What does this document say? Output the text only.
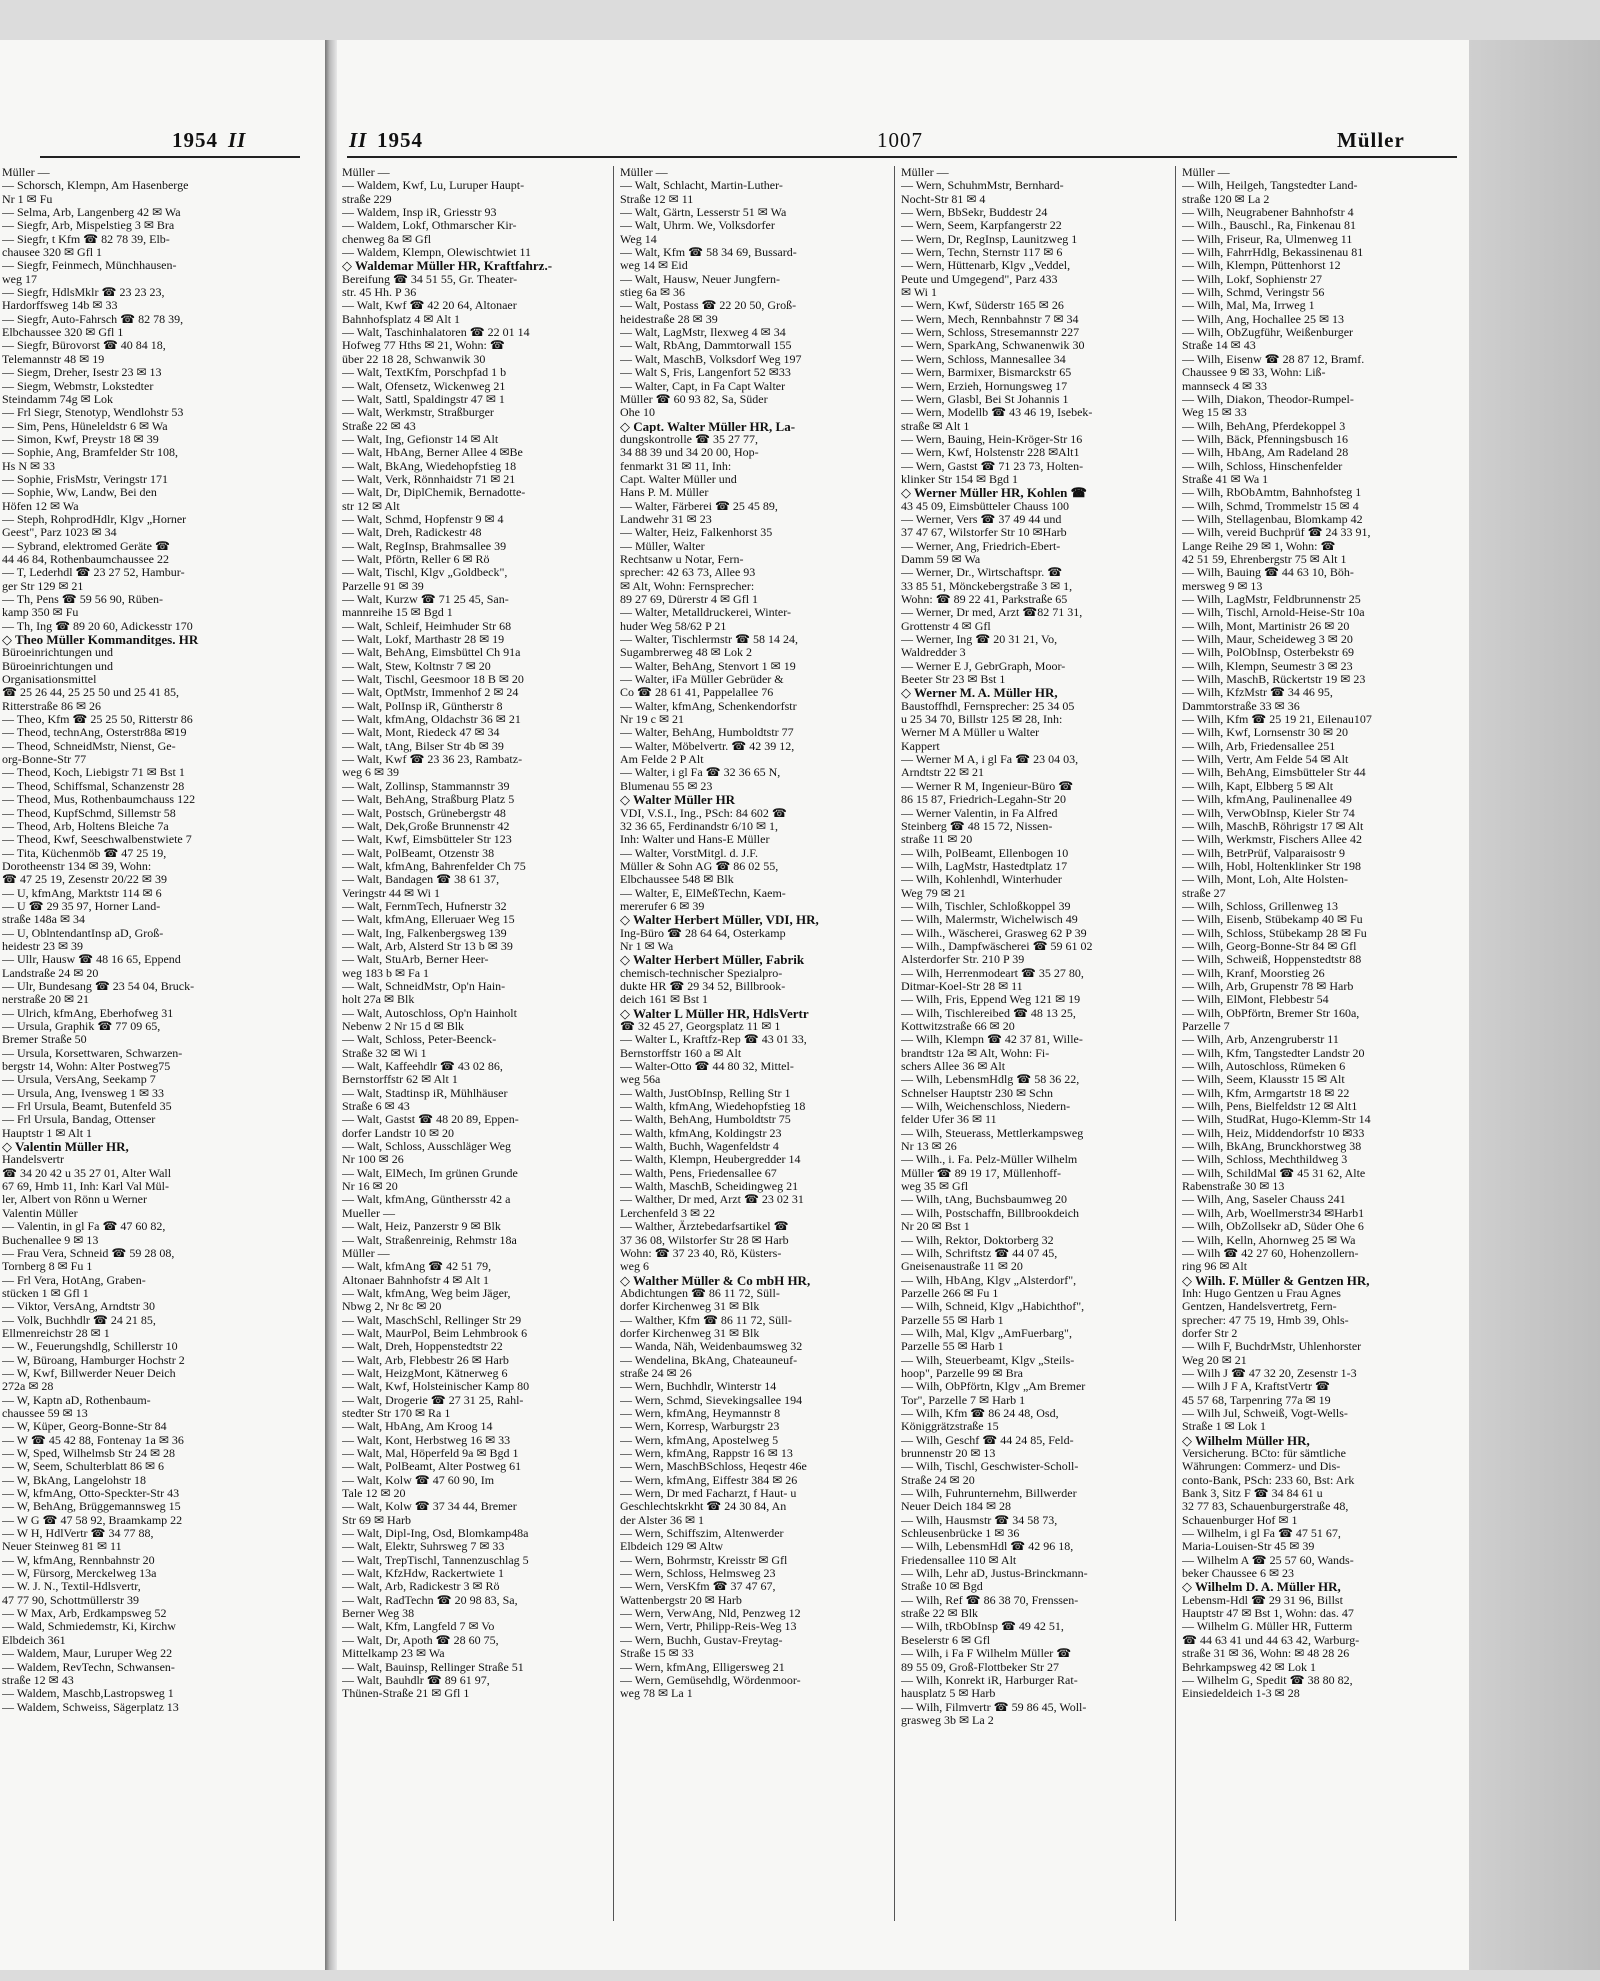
1954 II
Müller —
— Schorsch, Klempn, Am Hasenberge
Nr 1 ✉ Fu
— Selma, Arb, Langenberg 42 ✉ Wa
— Siegfr, Arb, Mispelstieg 3 ✉ Bra
— Siegfr, t Kfm ☎ 82 78 39, Elb-
chausee 320 ✉ Gfl 1
— Siegfr, Feinmech, Münchhausen-
weg 17
— Siegfr, HdlsMklr ☎ 23 23 23,
Hardorffsweg 14b ✉ 33
— Siegfr, Auto-Fahrsch ☎ 82 78 39,
Elbchaussee 320 ✉ Gfl 1
— Siegfr, Bürovorst ☎ 40 84 18,
Telemannstr 48 ✉ 19
— Siegm, Dreher, Isestr 23 ✉ 13
— Siegm, Webmstr, Lokstedter
Steindamm 74g ✉ Lok
— Frl Siegr, Stenotyp, Wendlohstr 53
— Sim, Pens, Hüneleldstr 6 ✉ Wa
— Simon, Kwf, Preystr 18 ✉ 39
— Sophie, Ang, Bramfelder Str 108,
Hs N ✉ 33
— Sophie, FrisMstr, Veringstr 171
— Sophie, Ww, Landw, Bei den
Höfen 12 ✉ Wa
— Steph, RohprodHdlr, Klgv „Horner
Geest", Parz 1023 ✉ 34
— Sybrand, elektromed Geräte ☎
44 46 84, Rothenbaumchaussee 22
— T, Lederhdl ☎ 23 27 52, Hambur-
ger Str 129 ✉ 21
— Th, Pens ☎ 59 56 90, Rüben-
kamp 350 ✉ Fu
— Th, Ing ☎ 89 20 60, Adickesstr 170
◇ Theo Müller Kommanditges. HR
Büroeinrichtungen und
Büroeinrichtungen und
Organisationsmittel
☎ 25 26 44, 25 25 50 und 25 41 85,
Ritterstraße 86 ✉ 26
— Theo, Kfm ☎ 25 25 50, Ritterstr 86
— Theod, technAng, Osterstr88a ✉19
— Theod, SchneidMstr, Nienst, Ge-
org-Bonne-Str 77
— Theod, Koch, Liebigstr 71 ✉ Bst 1
— Theod, Schiffsmal, Schanzenstr 28
— Theod, Mus, Rothenbaumchauss 122
— Theod, KupfSchmd, Sillemstr 58
— Theod, Arb, Holtens Bleiche 7a
— Theod, Kwf, Seeschwalbenstwiete 7
— Tita, Küchenmöb ☎ 47 25 19,
Dorotheenstr 134 ✉ 39, Wohn:
☎ 47 25 19, Zesenstr 20/22 ✉ 39
— U, kfmAng, Marktstr 114 ✉ 6
— U ☎ 29 35 97, Horner Land-
straße 148a ✉ 34
— U, OblntendantInsp aD, Groß-
heidestr 23 ✉ 39
— Ullr, Hausw ☎ 48 16 65, Eppend
Landstraße 24 ✉ 20
— Ulr, Bundesang ☎ 23 54 04, Bruck-
nerstraße 20 ✉ 21
— Ulrich, kfmAng, Eberhofweg 31
— Ursula, Graphik ☎ 77 09 65,
Bremer Straße 50
— Ursula, Korsettwaren, Schwarzen-
bergstr 14, Wohn: Alter Postweg75
— Ursula, VersAng, Seekamp 7
— Ursula, Ang, Ivensweg 1 ✉ 33
— Frl Ursula, Beamt, Butenfeld 35
— Frl Ursula, Bandag, Ottenser
Hauptstr 1 ✉ Alt 1
◇ Valentin Müller HR,
Handelsvertr
☎ 34 20 42 u 35 27 01, Alter Wall
67 69, Hmb 11, Inh: Karl Val Mül-
ler, Albert von Rönn u Werner
Valentin Müller
— Valentin, in gl Fa ☎ 47 60 82,
Buchenallee 9 ✉ 13
— Frau Vera, Schneid ☎ 59 28 08,
Tornberg 8 ✉ Fu 1
— Frl Vera, HotAng, Graben-
stücken 1 ✉ Gfl 1
— Viktor, VersAng, Arndtstr 30
— Volk, Buchhdlr ☎ 24 21 85,
Ellmenreichstr 28 ✉ 1
— W., Feuerungshdlg, Schillerstr 10
— W, Büroang, Hamburger Hochstr 2
— W, Kwf, Billwerder Neuer Deich
272a ✉ 28
— W, Kaptn aD, Rothenbaum-
chaussee 59 ✉ 13
— W, Küper, Georg-Bonne-Str 84
— W ☎ 45 42 88, Fontenay 1a ✉ 36
— W, Sped, Wilhelmsb Str 24 ✉ 28
— W, Seem, Schulterblatt 86 ✉ 6
— W, BkAng, Langelohstr 18
— W, kfmAng, Otto-Speckter-Str 43
— W, BehAng, Brüggemannsweg 15
— W G ☎ 47 58 92, Braamkamp 22
— W H, HdlVertr ☎ 34 77 88,
Neuer Steinweg 81 ✉ 11
— W, kfmAng, Rennbahnstr 20
— W, Fürsorg, Merckelweg 13a
— W. J. N., Textil-Hdlsvertr,
47 77 90, Schottmüllerstr 39
— W Max, Arb, Erdkampsweg 52
— Wald, Schmiedemstr, Ki, Kirchw
Elbdeich 361
— Waldem, Maur, Luruper Weg 22
— Waldem, RevTechn, Schwansen-
straße 12 ✉ 43
— Waldem, Maschb,Lastropsweg 1
— Waldem, Schweiss, Sägerplatz 13
II 1954	1007	Müller
Müller —
— Waldem, Kwf, Lu, Luruper Haupt-
straße 229
— Waldem, Insp iR, Griesstr 93
— Waldem, Lokf, Othmarscher Kir-
chenweg 8a ✉ Gfl
— Waldem, Klempn, Olewischtwiet 11
◇ Waldemar Müller HR, Kraftfahrz.-
Bereifung ☎ 34 51 55, Gr. Theater-
str. 45 Hh. P 36
— Walt, Kwf ☎ 42 20 64, Altonaer
Bahnhofsplatz 4 ✉ Alt 1
— Walt, Taschinhalatoren ☎ 22 01 14
Hofweg 77 Hths ✉ 21, Wohn: ☎
über 22 18 28, Schwanwik 30
— Walt, TextKfm, Porschpfad 1 b
— Walt, Ofensetz, Wickenweg 21
— Walt, Sattl, Spaldingstr 47 ✉ 1
— Walt, Werkmstr, Straßburger
Straße 22 ✉ 43
— Walt, Ing, Gefionstr 14 ✉ Alt
— Walt, HbAng, Berner Allee 4 ✉Be
— Walt, BkAng, Wiedehopfstieg 18
— Walt, Verk, Rönnhaidstr 71 ✉ 21
— Walt, Dr, DiplChemik, Bernadotte-
str 12 ✉ Alt
— Walt, Schmd, Hopfenstr 9 ✉ 4
— Walt, Dreh, Radickestr 48
— Walt, RegInsp, Brahmsallee 39
— Walt, Pförtn, Reller 6 ✉ Rö
— Walt, Tischl, Klgv „Goldbeck",
Parzelle 91 ✉ 39
— Walt, Kurzw ☎ 71 25 45, San-
mannreihe 15 ✉ Bgd 1
— Walt, Schleif, Heimhuder Str 68
— Walt, Lokf, Marthastr 28 ✉ 19
— Walt, BehAng, Eimsbüttel Ch 91a
— Walt, Stew, Koltnstr 7 ✉ 20
— Walt, Tischl, Geesmoor 18 B ✉ 20
— Walt, OptMstr, Immenhof 2 ✉ 24
— Walt, PolInsp iR, Güntherstr 8
— Walt, kfmAng, Oldachstr 36 ✉ 21
— Walt, Mont, Riedeck 47 ✉ 34
— Walt, tAng, Bilser Str 4b ✉ 39
— Walt, Kwf ☎ 23 36 23, Rambatz-
weg 6 ✉ 39
— Walt, Zollinsp, Stammannstr 39
— Walt, BehAng, Straßburg Platz 5
— Walt, Postsch, Grünebergstr 48
— Walt, Dek,Große Brunnenstr 42
— Walt, Kwf, Eimsbütteler Str 123
— Walt, PolBeamt, Otzenstr 38
— Walt, kfmAng, Bahrenfelder Ch 75
— Walt, Bandagen ☎ 38 61 37,
Veringstr 44 ✉ Wi 1
— Walt, FernmTech, Hufnerstr 32
— Walt, kfmAng, Elleruaer Weg 15
— Walt, Ing, Falkenbergsweg 139
— Walt, Arb, Alsterd Str 13 b ✉ 39
— Walt, StuArb, Berner Heer-
weg 183 b ✉ Fa 1
— Walt, SchneidMstr, Op'n Hain-
holt 27a ✉ Blk
— Walt, Autoschloss, Op'n Hainholt
Nebenw 2 Nr 15 d ✉ Blk
— Walt, Schloss, Peter-Beenck-
Straße 32 ✉ Wi 1
— Walt, Kaffeehdlr ☎ 43 02 86,
Bernstorffstr 62 ✉ Alt 1
— Walt, Stadtinsp iR, Mühlhäuser
Straße 6 ✉ 43
— Walt, Gastst ☎ 48 20 89, Eppen-
dorfer Landstr 10 ✉ 20
— Walt, Schloss, Ausschläger Weg
Nr 100 ✉ 26
— Walt, ElMech, Im grünen Grunde
Nr 16 ✉ 20
— Walt, kfmAng, Günthersstr 42 a
Mueller —
— Walt, Heiz, Panzerstr 9 ✉ Blk
— Walt, Straßenreinig, Rehmstr 18a
Müller —
— Walt, kfmAng ☎ 42 51 79,
Altonaer Bahnhofstr 4 ✉ Alt 1
— Walt, kfmAng, Weg beim Jäger,
Nbwg 2, Nr 8c ✉ 20
— Walt, MaschSchl, Rellinger Str 29
— Walt, MaurPol, Beim Lehmbrook 6
— Walt, Dreh, Hoppenstedtstr 22
— Walt, Arb, Flebbestr 26 ✉ Harb
— Walt, HeizgMont, Kätnerweg 6
— Walt, Kwf, Holsteinischer Kamp 80
— Walt, Drogerie ☎ 27 31 25, Rahl-
stedter Str 170 ✉ Ra 1
— Walt, HbAng, Am Kroog 14
— Walt, Kont, Herbstweg 16 ✉ 33
— Walt, Mal, Höperfeld 9a ✉ Bgd 1
— Walt, PolBeamt, Alter Postweg 61
— Walt, Kolw ☎ 47 60 90, Im
Tale 12 ✉ 20
— Walt, Kolw ☎ 37 34 44, Bremer
Str 69 ✉ Harb
— Walt, Dipl-Ing, Osd, Blomkamp48a
— Walt, Elektr, Suhrsweg 7 ✉ 33
— Walt, TrepTischl, Tannenzuschlag 5
— Walt, KfzHdw, Rackertwiete 1
— Walt, Arb, Radickestr 3 ✉ Rö
— Walt, RadTechn ☎ 20 98 83, Sa,
Berner Weg 38
— Walt, Kfm, Langfeld 7 ✉ Vo
— Walt, Dr, Apoth ☎ 28 60 75,
Mittelkamp 23 ✉ Wa
— Walt, Bauinsp, Rellinger Straße 51
— Walt, Bauhdlr ☎ 89 61 97,
Thünen-Straße 21 ✉ Gfl 1
Müller —
— Walt, Schlacht, Martin-Luther-
Straße 12 ✉ 11
— Walt, Gärtn, Lesserstr 51 ✉ Wa
— Walt, Uhrm. We, Volksdorfer
Weg 14
— Walt, Kfm ☎ 58 34 69, Bussard-
weg 14 ✉ Eid
— Walt, Hausw, Neuer Jungfern-
stieg 6a ✉ 36
— Walt, Postass ☎ 22 20 50, Groß-
heidestraße 28 ✉ 39
— Walt, LagMstr, Ilexweg 4 ✉ 34
— Walt, RbAng, Dammtorwall 155
— Walt, MaschB, Volksdorf Weg 197
— Walt S, Fris, Langenfort 52 ✉33
— Walter, Capt, in Fa Capt Walter
Müller ☎ 60 93 82, Sa, Süder
Ohe 10
◇ Capt. Walter Müller HR, La-
dungskontrolle ☎ 35 27 77,
34 88 39 und 34 20 00, Hop-
fenmarkt 31 ✉ 11, Inh:
Capt. Walter Müller und
Hans P. M. Müller
— Walter, Färberei ☎ 25 45 89,
Landwehr 31 ✉ 23
— Walter, Heiz, Falkenhorst 35
— Müller, Walter
Rechtsanw u Notar, Fern-
sprecher: 42 63 73, Allee 93
✉ Alt, Wohn: Fernsprecher:
89 27 69, Dürerstr 4 ✉ Gfl 1
— Walter, Metalldruckerei, Winter-
huder Weg 58/62 P 21
— Walter, Tischlermstr ☎ 58 14 24,
Sugambrerweg 48 ✉ Lok 2
— Walter, BehAng, Stenvort 1 ✉ 19
— Walter, iFa Müller Gebrüder &
Co ☎ 28 61 41, Pappelallee 76
— Walter, kfmAng, Schenkendorfstr
Nr 19 c ✉ 21
— Walter, BehAng, Humboldtstr 77
— Walter, Möbelvertr. ☎ 42 39 12,
Am Felde 2 P Alt
— Walter, i gl Fa ☎ 32 36 65 N,
Blumenau 55 ✉ 23
◇ Walter Müller HR
VDI, V.S.I., Ing., PSch: 84 602 ☎
32 36 65, Ferdinandstr 6/10 ✉ 1,
Inh: Walter und Hans-E Müller
— Walter, VorstMitgl. d. J.F.
Müller & Sohn AG ☎ 86 02 55,
Elbchaussee 548 ✉ Blk
— Walter, E, ElMeßTechn, Kaem-
mererufer 6 ✉ 39
◇ Walter Herbert Müller, VDI, HR,
Ing-Büro ☎ 28 64 64, Osterkamp
Nr 1 ✉ Wa
◇ Walter Herbert Müller, Fabrik
chemisch-technischer Spezialpro-
dukte HR ☎ 29 34 52, Billbrook-
deich 161 ✉ Bst 1
◇ Walter L Müller HR, HdlsVertr
☎ 32 45 27, Georgsplatz 11 ✉ 1
— Walter L, Kraftfz-Rep ☎ 43 01 33,
Bernstorffstr 160 a ✉ Alt
— Walter-Otto ☎ 44 80 32, Mittel-
weg 56a
— Walth, JustObInsp, Relling Str 1
— Walth, kfmAng, Wiedehopfstieg 18
— Walth, BehAng, Humboldtstr 75
— Walth, kfmAng, Koldingstr 23
— Walth, Buchh, Wagenfeldstr 4
— Walth, Klempn, Heubergredder 14
— Walth, Pens, Friedensallee 67
— Walth, MaschB, Scheidingweg 21
— Walther, Dr med, Arzt ☎ 23 02 31
Lerchenfeld 3 ✉ 22
— Walther, Ärztebedarfsartikel ☎
37 36 08, Wilstorfer Str 28 ✉ Harb
Wohn: ☎ 37 23 40, Rö, Küsters-
weg 6
◇ Walther Müller & Co mbH HR,
Abdichtungen ☎ 86 11 72, Süll-
dorfer Kirchenweg 31 ✉ Blk
— Walther, Kfm ☎ 86 11 72, Süll-
dorfer Kirchenweg 31 ✉ Blk
— Wanda, Näh, Weidenbaumsweg 32
— Wendelina, BkAng, Chateauneuf-
straße 24 ✉ 26
— Wern, Buchhdlr, Winterstr 14
— Wern, Schmd, Sievekingsallee 194
— Wern, kfmAng, Heymannstr 8
— Wern, Korresp, Warburgstr 23
— Wern, kfmAng, Apostelweg 5
— Wern, kfmAng, Rappstr 16 ✉ 13
— Wern, MaschBSchloss, Heqestr 46e
— Wern, kfmAng, Eiffestr 384 ✉ 26
— Wern, Dr med Facharzt, f Haut- u
Geschlechtskrkht ☎ 24 30 84, An
der Alster 36 ✉ 1
— Wern, Schiffszim, Altenwerder
Elbdeich 129 ✉ Altw
— Wern, Bohrmstr, Kreisstr ✉ Gfl
— Wern, Schloss, Helmsweg 23
— Wern, VersKfm ☎ 37 47 67,
Wattenbergstr 20 ✉ Harb
— Wern, VerwAng, Nld, Penzweg 12
— Wern, Vertr, Philipp-Reis-Weg 13
— Wern, Buchh, Gustav-Freytag-
Straße 15 ✉ 33
— Wern, kfmAng, Elligersweg 21
— Wern, Gemüsehdlg, Wördenmoor-
weg 78 ✉ La 1
Müller —
— Wern, SchuhmMstr, Bernhard-
Nocht-Str 81 ✉ 4
— Wern, BbSekr, Buddestr 24
— Wern, Seem, Karpfangerstr 22
— Wern, Dr, RegInsp, Launitzweg 1
— Wern, Techn, Sternstr 117 ✉ 6
— Wern, Hüttenarb, Klgv „Veddel,
Peute und Umgegend", Parz 433
✉ Wi 1
— Wern, Kwf, Süderstr 165 ✉ 26
— Wern, Mech, Rennbahnstr 7 ✉ 34
— Wern, Schloss, Stresemannstr 227
— Wern, SparkAng, Schwanenwik 30
— Wern, Schloss, Mannesallee 34
— Wern, Barmixer, Bismarckstr 65
— Wern, Erzieh, Hornungsweg 17
— Wern, Glasbl, Bei St Johannis 1
— Wern, Modellb ☎ 43 46 19, Isebek-
straße ✉ Alt 1
— Wern, Bauing, Hein-Kröger-Str 16
— Wern, Kwf, Holstenstr 228 ✉Alt1
— Wern, Gastst ☎ 71 23 73, Holten-
klinker Str 154 ✉ Bgd 1
◇ Werner Müller HR, Kohlen ☎
43 45 09, Eimsbütteler Chauss 100
— Werner, Vers ☎ 37 49 44 und
37 47 67, Wilstorfer Str 10 ✉Harb
— Werner, Ang, Friedrich-Ebert-
Damm 59 ✉ Wa
— Werner, Dr., Wirtschaftspr. ☎
33 85 51, Mönckebergstraße 3 ✉ 1,
Wohn: ☎ 89 22 41, Parkstraße 65
— Werner, Dr med, Arzt ☎82 71 31,
Grottenstr 4 ✉ Gfl
— Werner, Ing ☎ 20 31 21, Vo,
Waldredder 3
— Werner E J, GebrGraph, Moor-
Beeter Str 23 ✉ Bst 1
◇ Werner M. A. Müller HR,
Baustoffhdl, Fernsprecher: 25 34 05
u 25 34 70, Billstr 125 ✉ 28, Inh:
Werner M A Müller u Walter
Kappert
— Werner M A, i gl Fa ☎ 23 04 03,
Arndtstr 22 ✉ 21
— Werner R M, Ingenieur-Büro ☎
86 15 87, Friedrich-Legahn-Str 20
— Werner Valentin, in Fa Alfred
Steinberg ☎ 48 15 72, Nissen-
straße 11 ✉ 20
— Wilh, PolBeamt, Ellenbogen 10
— Wilh, LagMstr, Hastedtplatz 17
— Wilh, Kohlenhdl, Winterhuder
Weg 79 ✉ 21
— Wilh, Tischler, Schloßkoppel 39
— Wilh, Malermstr, Wichelwisch 49
— Wilh., Wäscherei, Grasweg 62 P 39
— Wilh., Dampfwäscherei ☎ 59 61 02
Alsterdorfer Str. 210 P 39
— Wilh, Herrenmodeart ☎ 35 27 80,
Ditmar-Koel-Str 28 ✉ 11
— Wilh, Fris, Eppend Weg 121 ✉ 19
— Wilh, Tischlereibed ☎ 48 13 25,
Kottwitzstraße 66 ✉ 20
— Wilh, Klempn ☎ 42 37 81, Wille-
brandtstr 12a ✉ Alt, Wohn: Fi-
schers Allee 36 ✉ Alt
— Wilh, LebensmHdlg ☎ 58 36 22,
Schnelser Hauptstr 230 ✉ Schn
— Wilh, Weichenschloss, Niedern-
felder Ufer 36 ✉ 11
— Wilh, Steuerass, Mettlerkampsweg
Nr 13 ✉ 26
— Wilh., i. Fa. Pelz-Müller Wilhelm
Müller ☎ 89 19 17, Müllenhoff-
weg 35 ✉ Gfl
— Wilh, tAng, Buchsbaumweg 20
— Wilh, Postschaffn, Billbrookdeich
Nr 20 ✉ Bst 1
— Wilh, Rektor, Doktorberg 32
— Wilh, Schriftstz ☎ 44 07 45,
Gneisenaustraße 11 ✉ 20
— Wilh, HbAng, Klgv „Alsterdorf",
Parzelle 266 ✉ Fu 1
— Wilh, Schneid, Klgv „Habichthof",
Parzelle 55 ✉ Harb 1
— Wilh, Mal, Klgv „AmFuerbarg",
Parzelle 55 ✉ Harb 1
— Wilh, Steuerbeamt, Klgv „Steils-
hoop", Parzelle 99 ✉ Bra
— Wilh, ObPförtn, Klgv „Am Bremer
Tor", Parzelle 7 ✉ Harb 1
— Wilh, Kfm ☎ 86 24 48, Osd,
Königgrätzstraße 15
— Wilh, Geschf ☎ 44 24 85, Feld-
brunnenstr 20 ✉ 13
— Wilh, Tischl, Geschwister-Scholl-
Straße 24 ✉ 20
— Wilh, Fuhrunternehm, Billwerder
Neuer Deich 184 ✉ 28
— Wilh, Hausmstr ☎ 34 58 73,
Schleusenbrücke 1 ✉ 36
— Wilh, LebensmHdl ☎ 42 96 18,
Friedensallee 110 ✉ Alt
— Wilh, Lehr aD, Justus-Brinckmann-
Straße 10 ✉ Bgd
— Wilh, Ref ☎ 86 38 70, Frenssen-
straße 22 ✉ Blk
— Wilh, tRbObInsp ☎ 49 42 51,
Beselerstr 6 ✉ Gfl
— Wilh, i Fa F Wilhelm Müller ☎
89 55 09, Groß-Flottbeker Str 27
— Wilh, Konrekt iR, Harburger Rat-
hausplatz 5 ✉ Harb
— Wilh, Filmvertr ☎ 59 86 45, Woll-
grasweg 3b ✉ La 2
Müller —
— Wilh, Heilgeh, Tangstedter Land-
straße 120 ✉ La 2
— Wilh, Neugrabener Bahnhofstr 4
— Wilh., Bauschl., Ra, Finkenau 81
— Wilh, Friseur, Ra, Ulmenweg 11
— Wilh, FahrrHdlg, Bekassinenau 81
— Wilh, Klempn, Püttenhorst 12
— Wilh, Lokf, Sophienstr 27
— Wilh, Schmd, Veringstr 56
— Wilh, Mal, Ma, Irrweg 1
— Wilh, Ang, Hochallee 25 ✉ 13
— Wilh, ObZugführ, Weißenburger
Straße 14 ✉ 43
— Wilh, Eisenw ☎ 28 87 12, Bramf.
Chaussee 9 ✉ 33, Wohn: Liß-
mannseck 4 ✉ 33
— Wilh, Diakon, Theodor-Rumpel-
Weg 15 ✉ 33
— Wilh, BehAng, Pferdekoppel 3
— Wilh, Bäck, Pfenningsbusch 16
— Wilh, HbAng, Am Radeland 28
— Wilh, Schloss, Hinschenfelder
Straße 41 ✉ Wa 1
— Wilh, RbObAmtm, Bahnhofsteg 1
— Wilh, Schmd, Trommelstr 15 ✉ 4
— Wilh, Stellagenbau, Blomkamp 42
— Wilh, vereid Buchprüf ☎ 24 33 91,
Lange Reihe 29 ✉ 1, Wohn: ☎
42 51 59, Ehrenbergstr 75 ✉ Alt 1
— Wilh, Bauing ☎ 44 63 10, Böh-
mersweg 9 ✉ 13
— Wilh, LagMstr, Feldbrunnenstr 25
— Wilh, Tischl, Arnold-Heise-Str 10a
— Wilh, Mont, Martinistr 26 ✉ 20
— Wilh, Maur, Scheideweg 3 ✉ 20
— Wilh, PolObInsp, Osterbekstr 69
— Wilh, Klempn, Seumestr 3 ✉ 23
— Wilh, MaschB, Rückertstr 19 ✉ 23
— Wilh, KfzMstr ☎ 34 46 95,
Dammtorstraße 33 ✉ 36
— Wilh, Kfm ☎ 25 19 21, Eilenau107
— Wilh, Kwf, Lornsenstr 30 ✉ 20
— Wilh, Arb, Friedensallee 251
— Wilh, Vertr, Am Felde 54 ✉ Alt
— Wilh, BehAng, Eimsbütteler Str 44
— Wilh, Kapt, Elbberg 5 ✉ Alt
— Wilh, kfmAng, Paulinenallee 49
— Wilh, VerwObInsp, Kieler Str 74
— Wilh, MaschB, Röhrigstr 17 ✉ Alt
— Wilh, Werkmstr, Fischers Allee 42
— Wilh, BetrPrüf, Valparaisostr 9
— Wilh, Hobl, Holtenklinker Str 198
— Wilh, Mont, Loh, Alte Holsten-
straße 27
— Wilh, Schloss, Grillenweg 13
— Wilh, Eisenb, Stübekamp 40 ✉ Fu
— Wilh, Schloss, Stübekamp 28 ✉ Fu
— Wilh, Georg-Bonne-Str 84 ✉ Gfl
— Wilh, Schweiß, Hoppenstedtstr 88
— Wilh, Kranf, Moorstieg 26
— Wilh, Arb, Grupenstr 78 ✉ Harb
— Wilh, ElMont, Flebbestr 54
— Wilh, ObPförtn, Bremer Str 160a,
Parzelle 7
— Wilh, Arb, Anzengruberstr 11
— Wilh, Kfm, Tangstedter Landstr 20
— Wilh, Autoschloss, Rümeken 6
— Wilh, Seem, Klausstr 15 ✉ Alt
— Wilh, Kfm, Armgartstr 18 ✉ 22
— Wilh, Pens, Bielfeldstr 12 ✉ Alt1
— Wilh, StudRat, Hugo-Klemm-Str 14
— Wilh, Heiz, Middendorfstr 10 ✉33
— Wilh, BkAng, Brunckhorstweg 38
— Wilh, Schloss, Mechthildweg 3
— Wilh, SchildMal ☎ 45 31 62, Alte
Rabenstraße 30 ✉ 13
— Wilh, Ang, Saseler Chauss 241
— Wilh, Arb, Woellmerstr34 ✉Harb1
— Wilh, ObZollsekr aD, Süder Ohe 6
— Wilh, Kelln, Ahornweg 25 ✉ Wa
— Wilh ☎ 42 27 60, Hohenzollern-
ring 96 ✉ Alt
◇ Wilh. F. Müller & Gentzen HR,
Inh: Hugo Gentzen u Frau Agnes
Gentzen, Handelsvertretg, Fern-
sprecher: 47 75 19, Hmb 39, Ohls-
dorfer Str 2
— Wilh F, BuchdrMstr, Uhlenhorster
Weg 20 ✉ 21
— Wilh J ☎ 47 32 20, Zesenstr 1-3
— Wilh J F A, KraftstVertr ☎
45 57 68, Tarpenring 77a ✉ 19
— Wilh Jul, Schweiß, Vogt-Wells-
Straße 1 ✉ Lok 1
◇ Wilhelm Müller HR,
Versicherung. BCto: für sämtliche
Währungen: Commerz- und Dis-
conto-Bank, PSch: 233 60, Bst: Ark
Bank 3, Sitz F ☎ 34 84 61 u
32 77 83, Schauenburgerstraße 48,
Schauenburger Hof ✉ 1
— Wilhelm, i gl Fa ☎ 47 51 67,
Maria-Louisen-Str 45 ✉ 39
— Wilhelm A ☎ 25 57 60, Wands-
beker Chaussee 6 ✉ 23
◇ Wilhelm D. A. Müller HR,
Lebensm-Hdl ☎ 29 31 96, Billst
Hauptstr 47 ✉ Bst 1, Wohn: das. 47
— Wilhelm G. Müller HR, Futterm
☎ 44 63 41 und 44 63 42, Warburg-
straße 31 ✉ 36, Wohn: ✉ 48 28 26
Behrkampsweg 42 ✉ Lok 1
— Wilhelm G, Spedit ☎ 38 80 82,
Einsiedeldeich 1-3 ✉ 28
